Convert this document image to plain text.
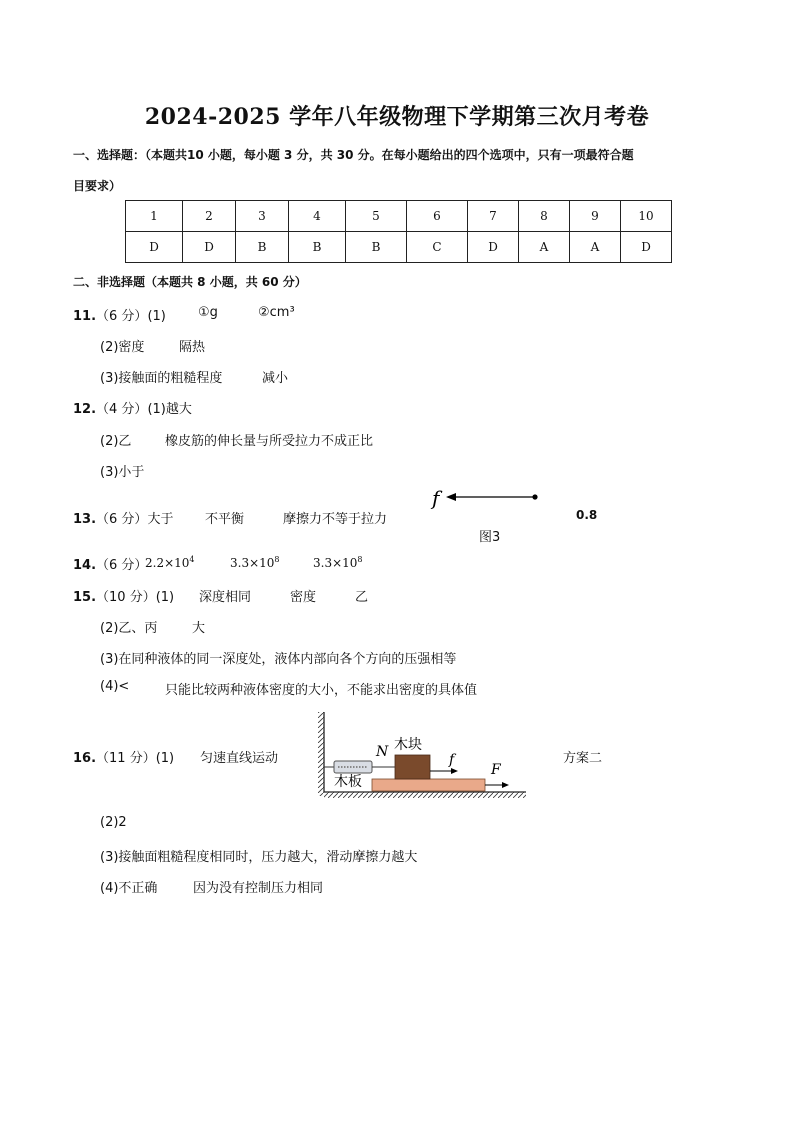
2024-2025 学年八年级物理下学期第三次月考卷
一、选择题：（本题共10 小题，每小题 3 分，共 30 分。在每小题给出的四个选项中，只有一项最符合题
目要求）
1	2	3	4	5	6	7	8	9	10
D	D	B	B	B	C	D	A	A	D
二、非选择题（本题共 8 小题，共 60 分）
11.（6 分）(1) ①g	②cm³
(2)密度	隔热
(3)接触面的粗糙程度	减小
12.（4 分）(1)越大
(2)乙	橡皮筋的伸长量与所受拉力不成正比
(3)小于
13.（6 分）大于 不平衡	摩擦力不等于拉力
f
图3
0.8
14.（6 分）
$2.2\times 10^4$	$3.3\times 10^8$	$3.3\times 10^8$
15.（10 分）(1) 深度相同	密度	乙
(2)乙、丙	大
(3)在同种液体的同一深度处，液体内部向各个方向的压强相等
(4)<	只能比较两种液体密度的大小，不能求出密度的具体值
16.（11 分）(1) 匀速直线运动	N 木块
f
F
木板
方案二
(2)2
(3)接触面粗糙程度相同时，压力越大，滑动摩擦力越大
(4)不正确	因为没有控制压力相同
